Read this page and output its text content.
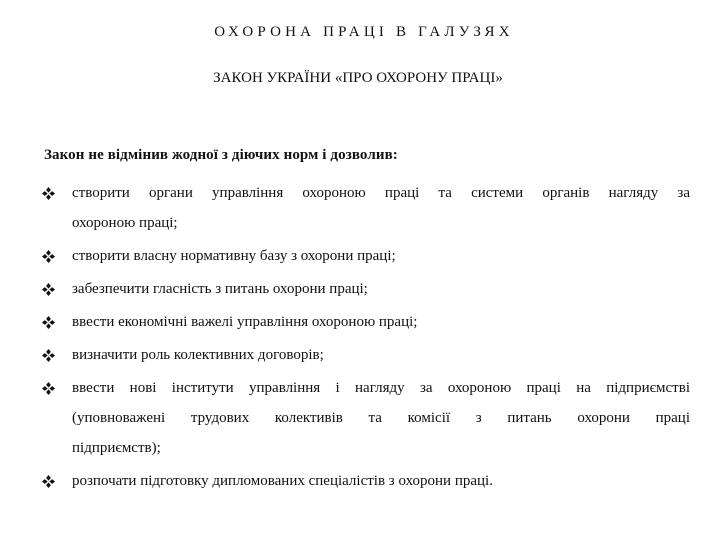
ОХОРОНА ПРАЦІ В ГАЛУЗЯХ
ЗАКОН УКРАЇНИ «ПРО ОХОРОНУ ПРАЦІ»
Закон не відмінив жодної з діючих норм і дозволив:
створити органи управління охороною праці та системи органів нагляду за
охороною праці;
створити власну нормативну базу з охорони праці;
забезпечити гласність з питань охорони праці;
ввести економічні важелі управління охороною праці;
визначити роль колективних договорів;
ввести нові інститути управління і нагляду за охороною праці на підприємстві
(уповноважені трудових колективів та комісії з питань охорони праці
підприємств);
розпочати підготовку дипломованих спеціалістів з охорони праці.
